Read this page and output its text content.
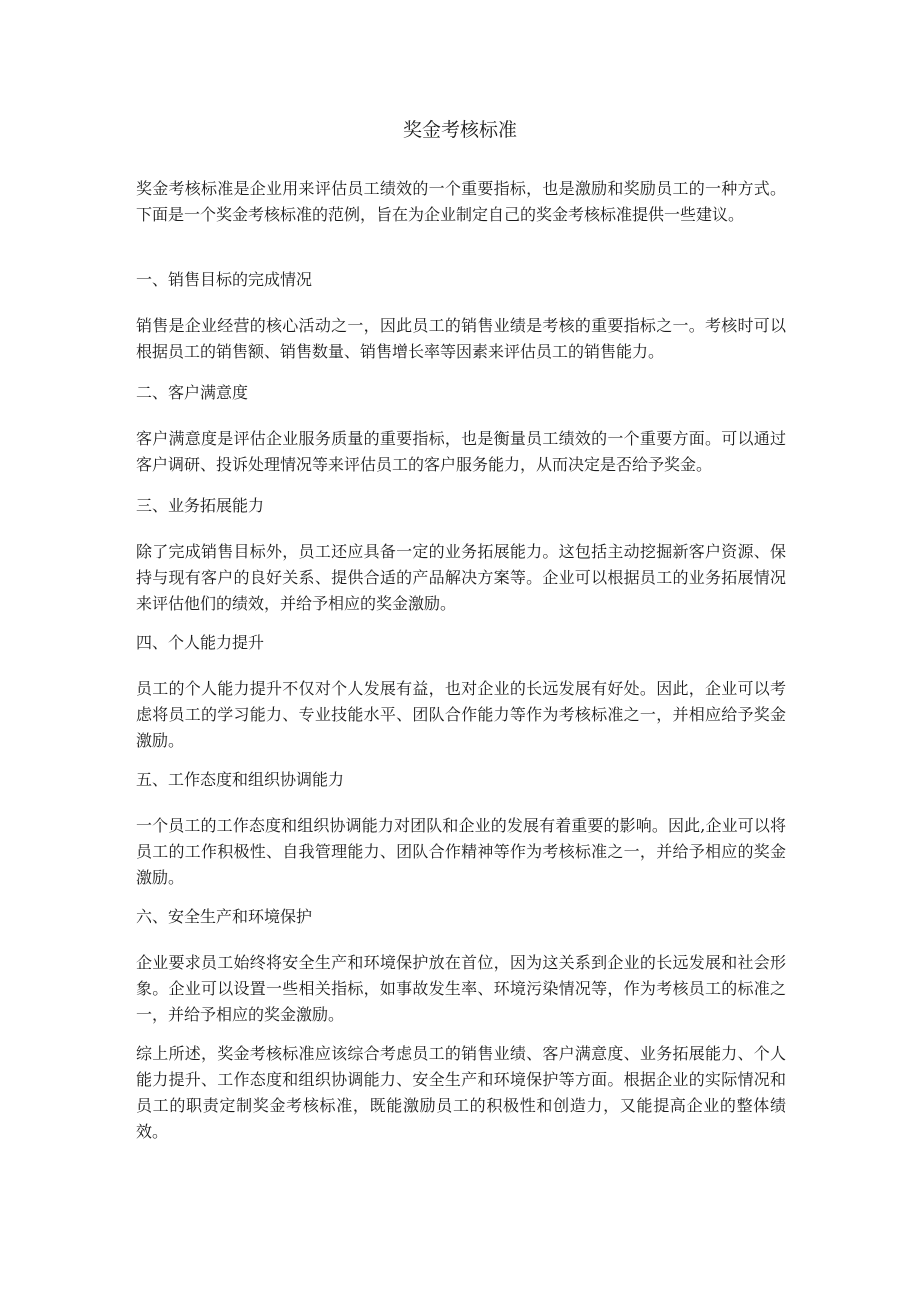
奖金考核标准

奖金考核标准是企业用来评估员工绩效的一个重要指标，也是激励和奖励员工的一种方式。下面是一个奖金考核标准的范例，旨在为企业制定自己的奖金考核标准提供一些建议。

一、销售目标的完成情况

销售是企业经营的核心活动之一，因此员工的销售业绩是考核的重要指标之一。考核时可以根据员工的销售额、销售数量、销售增长率等因素来评估员工的销售能力。

二、客户满意度

客户满意度是评估企业服务质量的重要指标，也是衡量员工绩效的一个重要方面。可以通过客户调研、投诉处理情况等来评估员工的客户服务能力，从而决定是否给予奖金。

三、业务拓展能力

除了完成销售目标外，员工还应具备一定的业务拓展能力。这包括主动挖掘新客户资源、保持与现有客户的良好关系、提供合适的产品解决方案等。企业可以根据员工的业务拓展情况来评估他们的绩效，并给予相应的奖金激励。

四、个人能力提升

员工的个人能力提升不仅对个人发展有益，也对企业的长远发展有好处。因此，企业可以考虑将员工的学习能力、专业技能水平、团队合作能力等作为考核标准之一，并相应给予奖金激励。

五、工作态度和组织协调能力

一个员工的工作态度和组织协调能力对团队和企业的发展有着重要的影响。因此,企业可以将员工的工作积极性、自我管理能力、团队合作精神等作为考核标准之一，并给予相应的奖金激励。

六、安全生产和环境保护

企业要求员工始终将安全生产和环境保护放在首位，因为这关系到企业的长远发展和社会形象。企业可以设置一些相关指标，如事故发生率、环境污染情况等，作为考核员工的标准之一，并给予相应的奖金激励。

综上所述，奖金考核标准应该综合考虑员工的销售业绩、客户满意度、业务拓展能力、个人能力提升、工作态度和组织协调能力、安全生产和环境保护等方面。根据企业的实际情况和员工的职责定制奖金考核标准，既能激励员工的积极性和创造力，又能提高企业的整体绩效。
